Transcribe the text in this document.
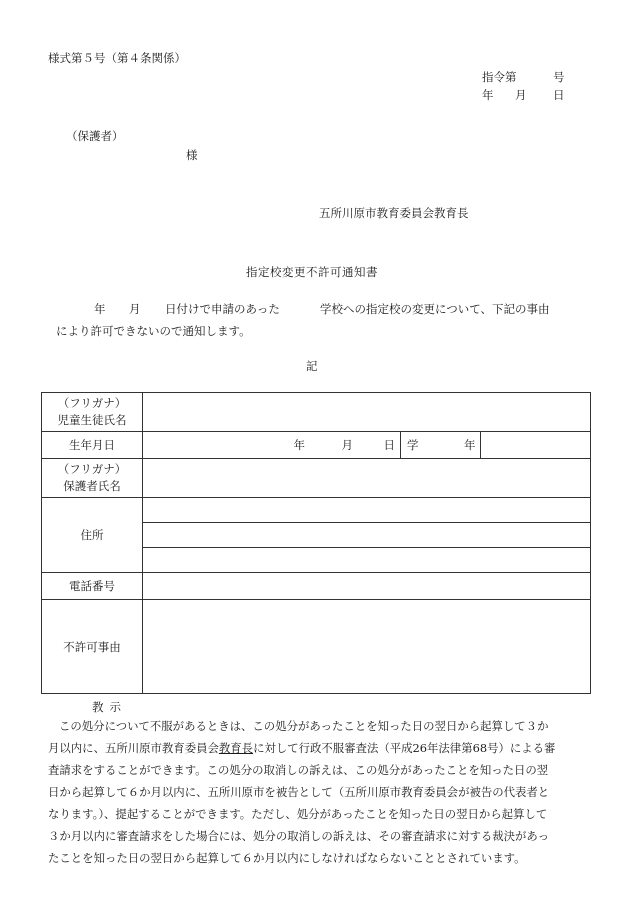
様式第５号（第４条関係）
指令第	号
年 月 日
（保護者）
様
五所川原市教育委員会教育長
指定校変更不許可通知書
年 月 日付けで申請のあった	学校への指定校の変更について、下記の事由
により許可できないので通知します。
記
（フリガナ）
児童生徒氏名			

生年月日	年 月 日	学 年	

（フリガナ）
保護者氏名			

住所			

電話番号			
不許可事由			
教示
この処分について不服があるときは、この処分があったことを知った日の翌日から起算して３か
月以内に、五所川原市教育委員会教育長に対して行政不服審査法（平成26年法律第68号）による審
査請求をすることができます。この処分の取消しの訴えは、この処分があったことを知った日の翌
日から起算して６か月以内に、五所川原市を被告として（五所川原市教育委員会が被告の代表者と
なります。）、提起することができます。ただし、処分があったことを知った日の翌日から起算して
３か月以内に審査請求をした場合には、処分の取消しの訴えは、その審査請求に対する裁決があっ
たことを知った日の翌日から起算して６か月以内にしなければならないこととされています。
